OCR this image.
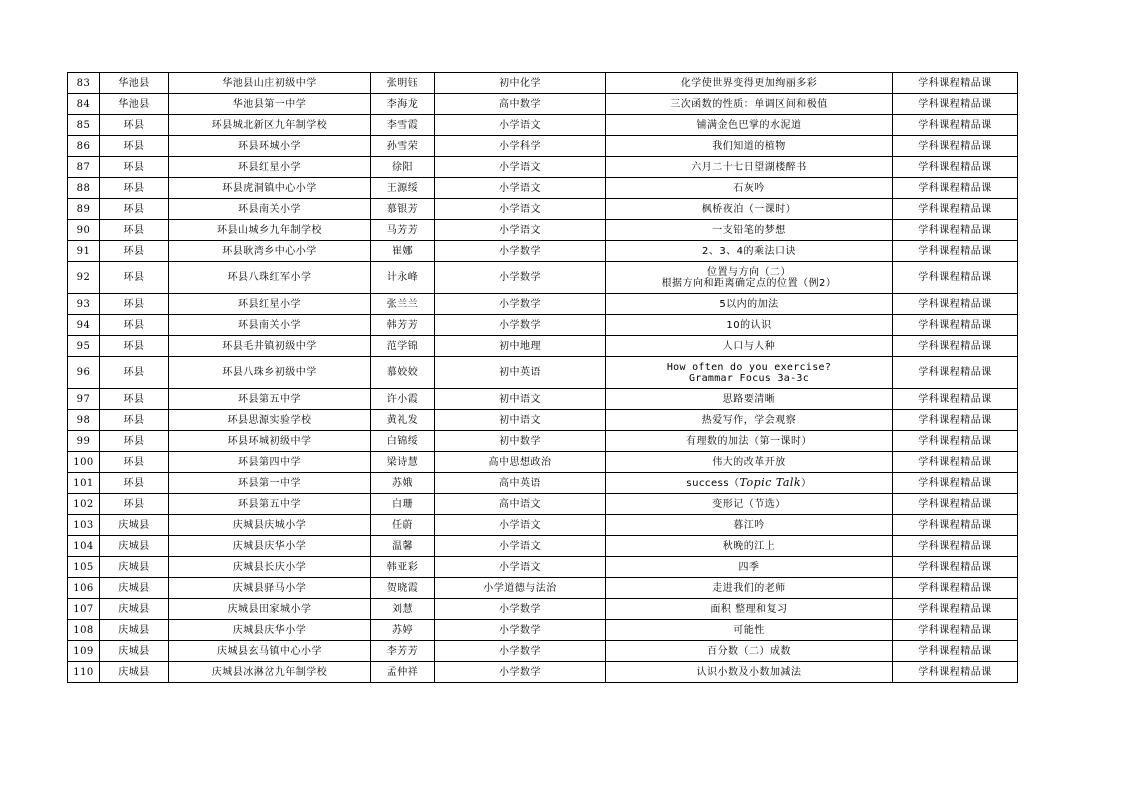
83	华池县	华池县山庄初级中学	张明钰	初中化学	化学使世界变得更加绚丽多彩	学科课程精品课
84	华池县	华池县第一中学	李海龙	高中数学	三次函数的性质：单调区间和极值	学科课程精品课
85	环县	环县城北新区九年制学校	李雪霞	小学语文	铺满金色巴掌的水泥道	学科课程精品课
86	环县	环县环城小学	孙雪荣	小学科学	我们知道的植物	学科课程精品课
87	环县	环县红星小学	徐阳	小学语文	六月二十七日望湖楼醉书	学科课程精品课
88	环县	环县虎洞镇中心小学	王源绥	小学语文	石灰吟	学科课程精品课
89	环县	环县南关小学	慕银芳	小学语文	枫桥夜泊（一课时）	学科课程精品课
90	环县	环县山城乡九年制学校	马芳芳	小学语文	一支铅笔的梦想	学科课程精品课
91	环县	环县耿湾乡中心小学	崔娜	小学数学	2、3、4的乘法口诀	学科课程精品课
92	环县	环县八珠红军小学	计永峰	小学数学	位置与方向（二）
根据方向和距离确定点的位置（例2）	学科课程精品课
93	环县	环县红星小学	张兰兰	小学数学	5以内的加法	学科课程精品课
94	环县	环县南关小学	韩芳芳	小学数学	10的认识	学科课程精品课
95	环县	环县毛井镇初级中学	范学锦	初中地理	人口与人种	学科课程精品课
96	环县	环县八珠乡初级中学	慕姣姣	初中英语	How often do you exercise?
Grammar Focus 3a-3c	学科课程精品课
97	环县	环县第五中学	许小霞	初中语文	思路要清晰	学科课程精品课
98	环县	环县思源实验学校	黄礼发	初中语文	热爱写作，学会观察	学科课程精品课
99	环县	环县环城初级中学	白锦绥	初中数学	有理数的加法（第一课时）	学科课程精品课
100	环县	环县第四中学	梁诗慧	高中思想政治	伟大的改革开放	学科课程精品课
101	环县	环县第一中学	苏娥	高中英语	success（Topic Talk）	学科课程精品课
102	环县	环县第五中学	白珊	高中语文	变形记（节选）	学科课程精品课
103	庆城县	庆城县庆城小学	任蔚	小学语文	暮江吟	学科课程精品课
104	庆城县	庆城县庆华小学	温馨	小学语文	秋晚的江上	学科课程精品课
105	庆城县	庆城县长庆小学	韩亚彩	小学语文	四季	学科课程精品课
106	庆城县	庆城县驿马小学	贺晓霞	小学道德与法治	走进我们的老师	学科课程精品课
107	庆城县	庆城县田家城小学	刘慧	小学数学	面积 整理和复习	学科课程精品课
108	庆城县	庆城县庆华小学	苏婷	小学数学	可能性	学科课程精品课
109	庆城县	庆城县玄马镇中心小学	李芳芳	小学数学	百分数（二）成数	学科课程精品课
110	庆城县	庆城县冰淋岔九年制学校	孟仲祥	小学数学	认识小数及小数加减法	学科课程精品课
